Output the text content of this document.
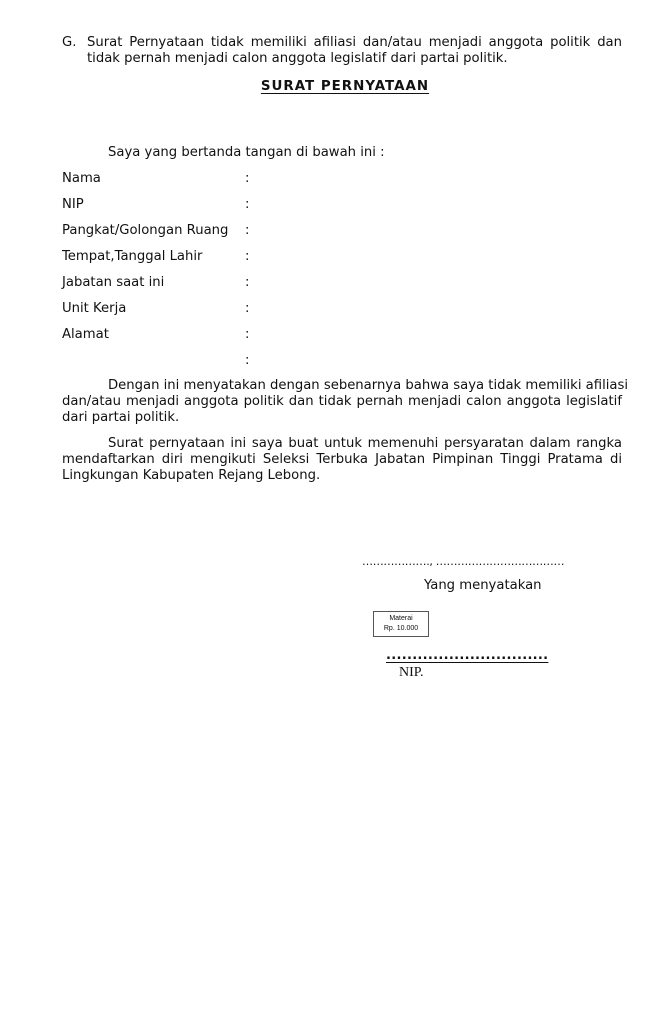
G. Surat Pernyataan tidak memiliki afiliasi dan/atau menjadi anggota politik dan
tidak pernah menjadi calon anggota legislatif dari partai politik.
SURAT PERNYATAAN
Saya yang bertanda tangan di bawah ini :
Nama	:
NIP	:
Pangkat/Golongan Ruang :
Tempat,Tanggal Lahir	:
Jabatan saat ini	:
Unit Kerja	:
Alamat	:
:
Dengan ini menyatakan dengan sebenarnya bahwa saya tidak memiliki afiliasi
dan/atau menjadi anggota politik dan tidak pernah menjadi calon anggota legislatif
dari partai politik.
Surat pernyataan ini saya buat untuk memenuhi persyaratan dalam rangka
mendaftarkan diri mengikuti Seleksi Terbuka Jabatan Pimpinan Tinggi Pratama di
Lingkungan Kabupaten Rejang Lebong.
………………., ………………………………
Yang menyatakan
Materai
Rp. 10.000
...............................
NIP.
